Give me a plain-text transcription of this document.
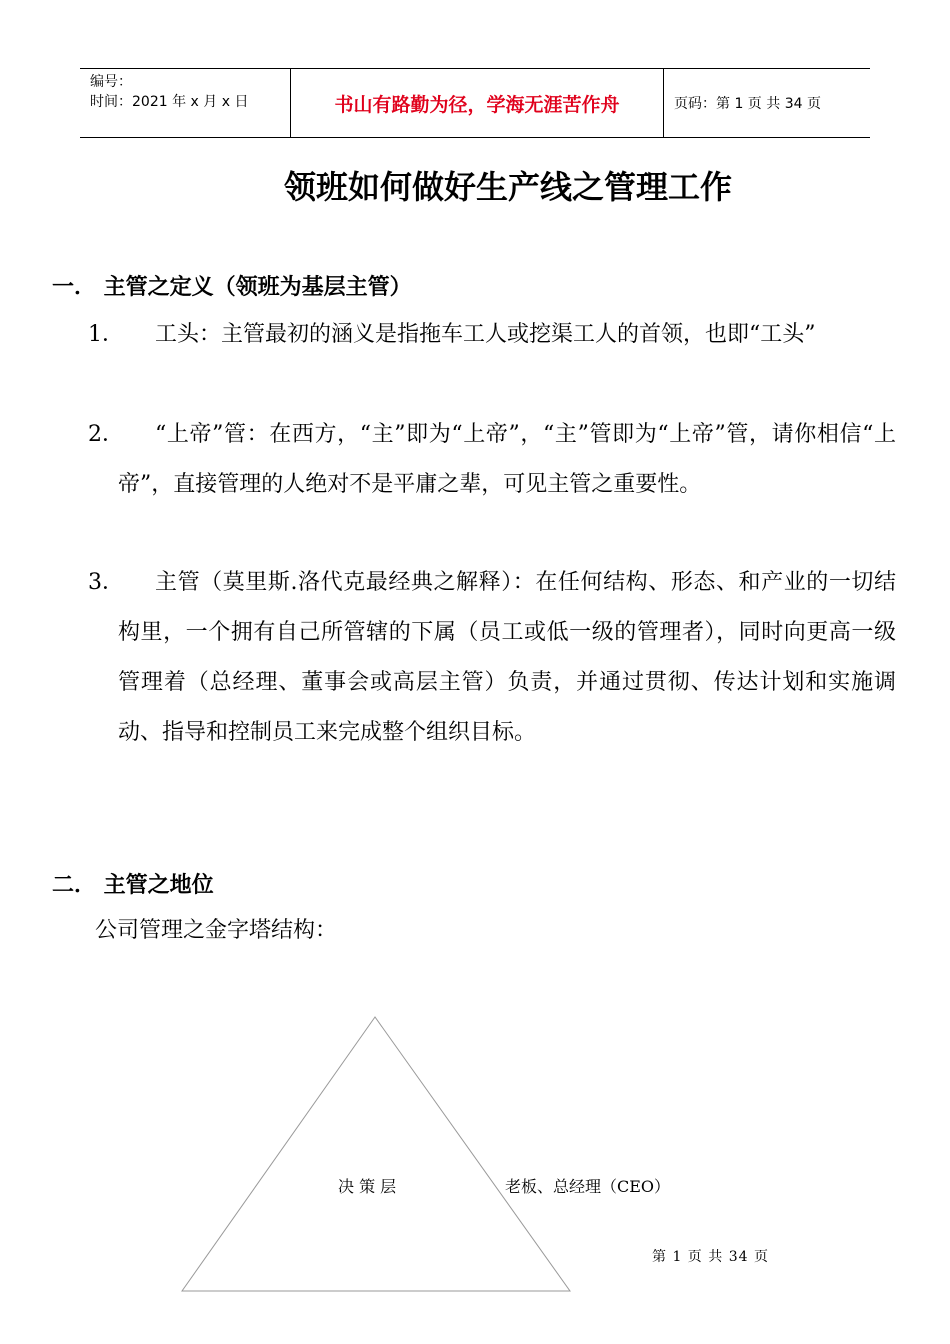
编号：
时间：2021 年 x 月 x 日	书山有路勤为径，学海无涯苦作舟	页码：第 1 页 共 34 页
领班如何做好生产线之管理工作
一． 主管之定义（领班为基层主管）
1．	工头：主管最初的涵义是指拖车工人或挖渠工人的首领，也即“工头”
2．	“上帝”管：在西方，“主”即为“上帝”，“主”管即为“上帝”管，请你相信“上帝”，直接管理的人绝对不是平庸之辈，可见主管之重要性。
3．	主管（莫里斯.洛代克最经典之解释）：在任何结构、形态、和产业的一切结构里，一个拥有自己所管辖的下属（员工或低一级的管理者），同时向更高一级管理着（总经理、董事会或高层主管）负责，并通过贯彻、传达计划和实施调动、指导和控制员工来完成整个组织目标。
二． 主管之地位
公司管理之金字塔结构：
决 策 层	老板、总经理（CEO）
第 1 页 共 34 页
